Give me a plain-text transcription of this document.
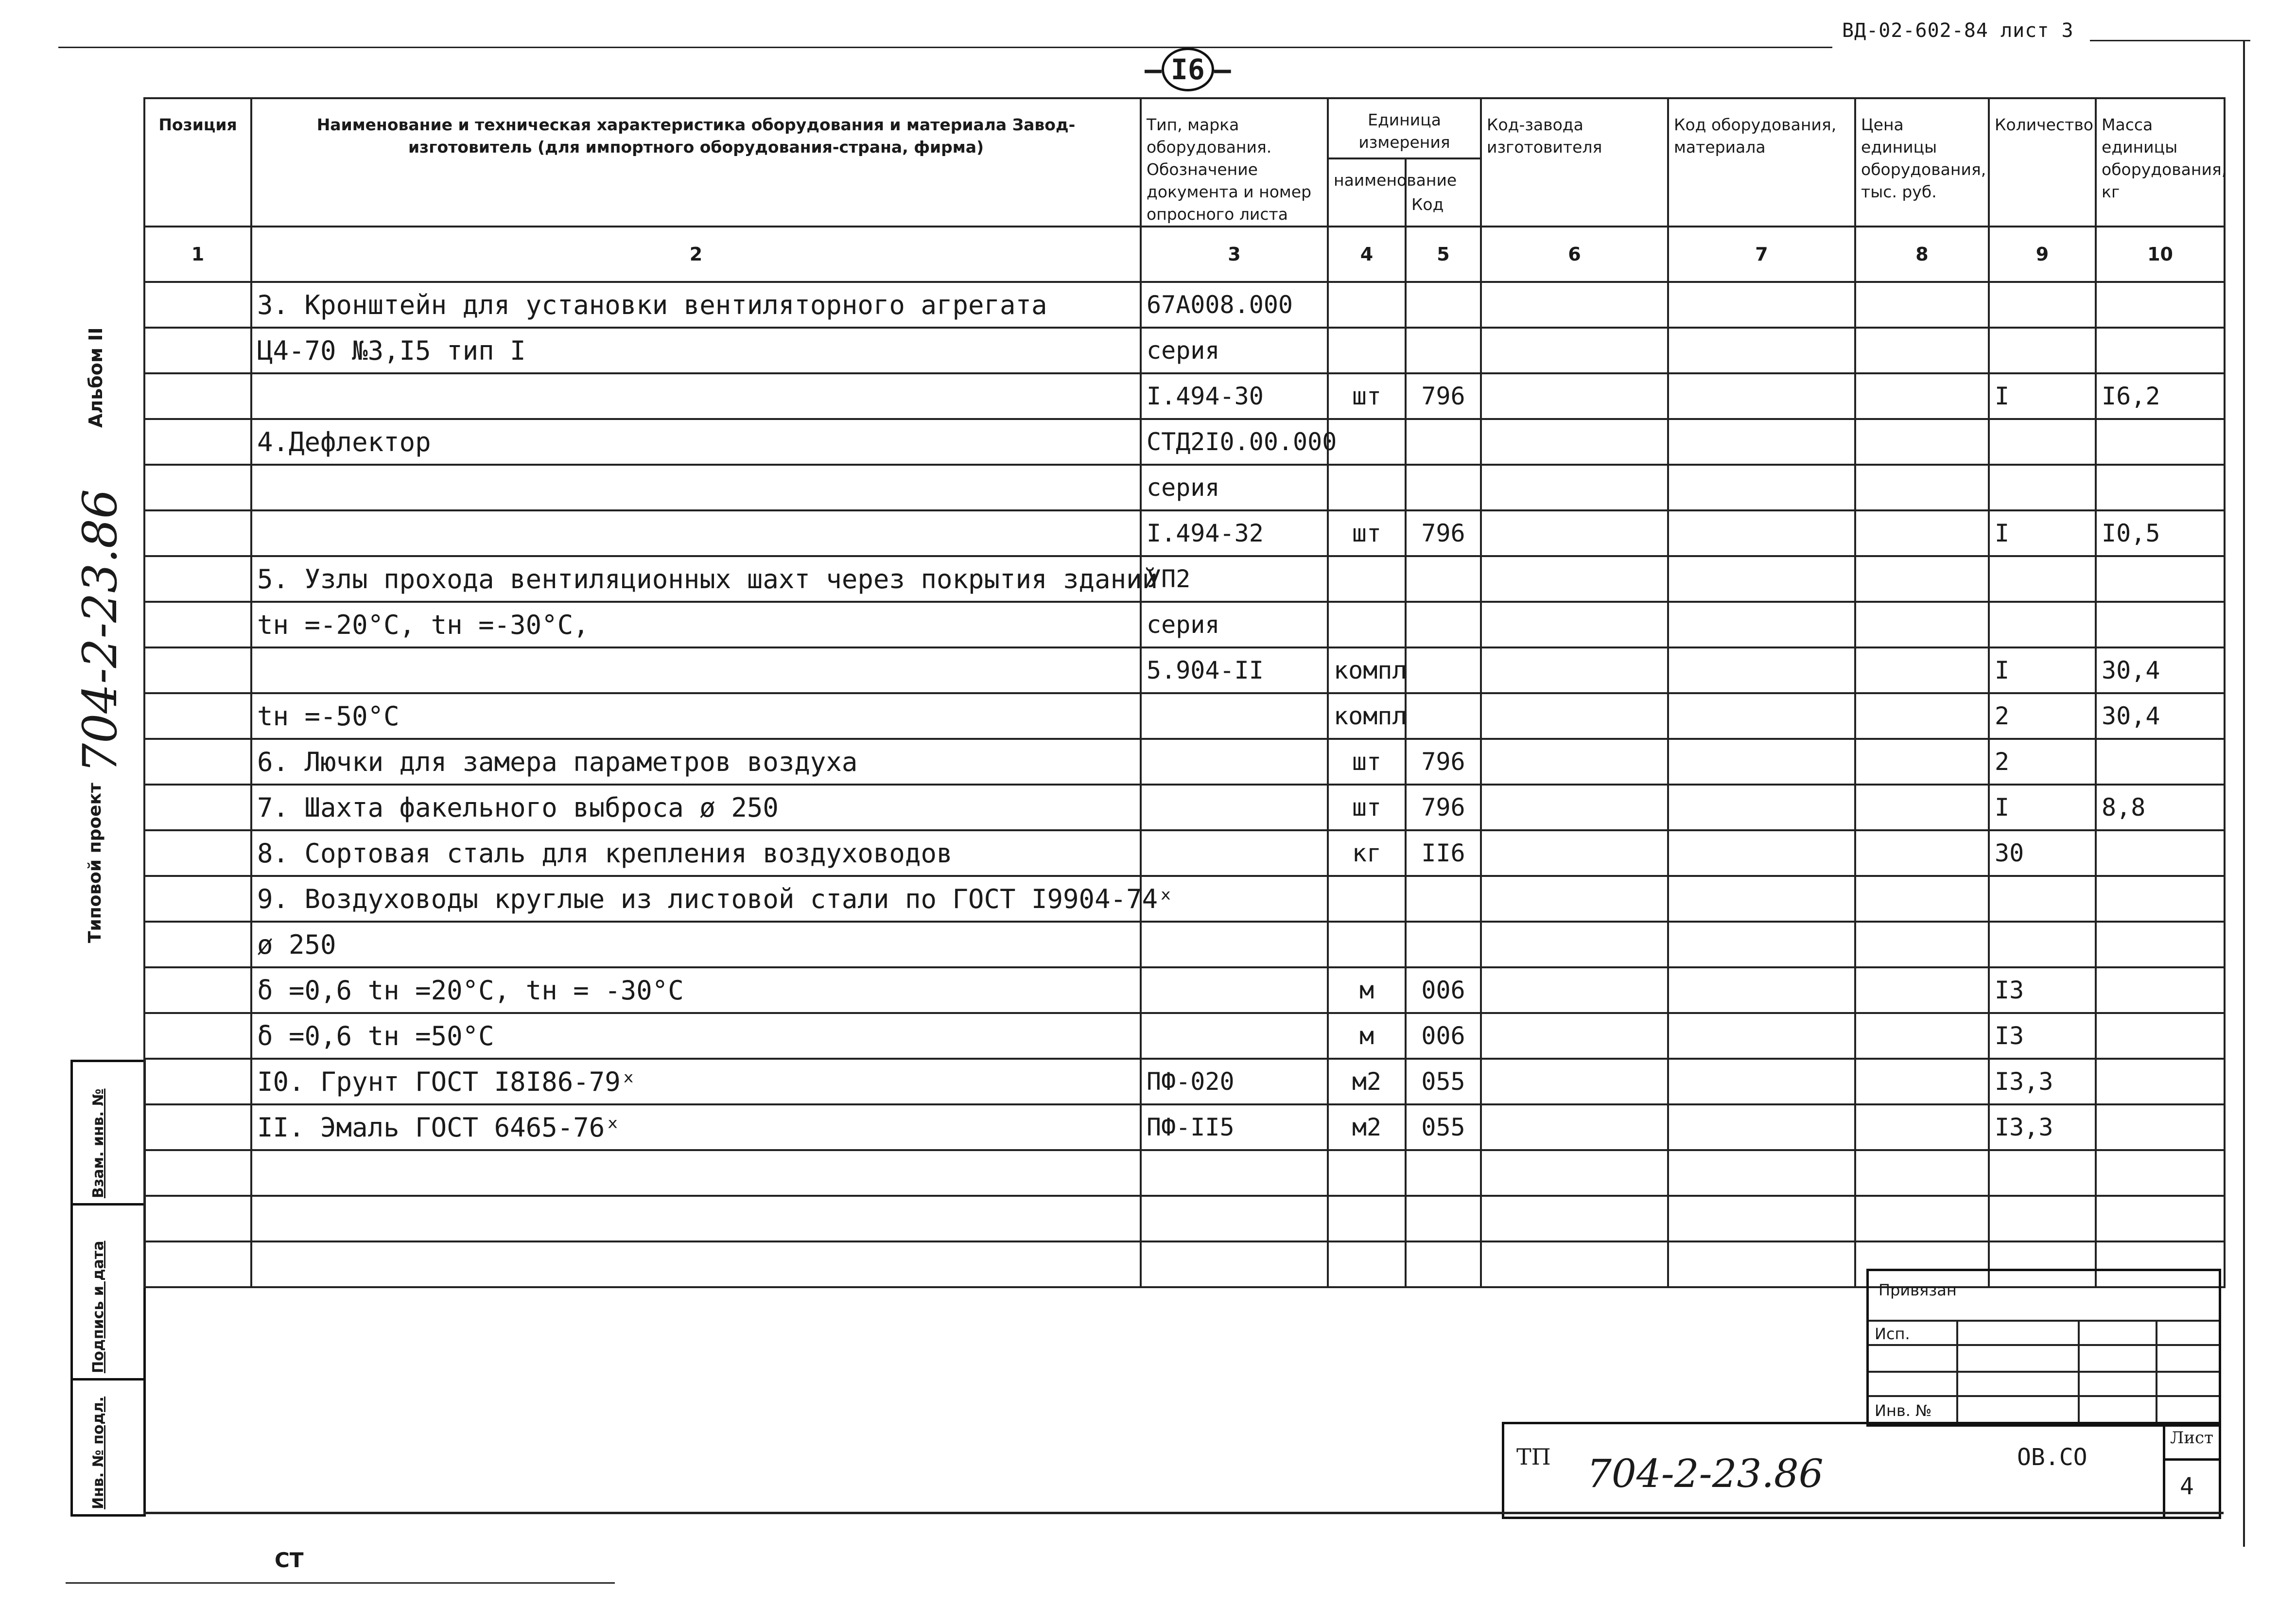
ВД-02-602-84 лист 3
– I6 –
Альбом II
704-2-23.86
Типовой проект
Взам. инв. №
Подпись и дата
Инв. № подл.
Позиция	Наименование и техническая характеристика оборудования и материала Завод-изготовитель (для импортного оборудования-страна, фирма)	Тип, марка оборудования. Обозначение документа и номер опросного листа	Единица измерения		Код-завода изготовителя	Код оборудования, материала	Цена единицы оборудования, тыс. руб.	Количество	Масса единицы оборудования, кг
			наименование	Код					
1	2	3	4	5	6	7	8	9	10
	3. Кронштейн для установки вентиляторного агрегата	67А008.000							
	Ц4-70 №3,I5 тип I	серия							
		I.494-30	шт	796				I	I6,2
	4.Дефлектор	СТД2I0.00.000							
		серия							
		I.494-32	шт	796				I	I0,5
	5. Узлы прохода вентиляционных шахт через покрытия зданий	УП2							
	tн =-20°С, tн =-30°С,	серия							
		5.904-II	компл					I	30,4
	tн =-50°С		компл					2	30,4
	6. Лючки для замера параметров воздуха		шт	796				2	
	7. Шахта факельного выброса ø 250		шт	796				I	8,8
	8. Сортовая сталь для крепления воздуховодов		кг	II6				30	
	9. Воздуховоды круглые из листовой стали по ГОСТ I9904-74ˣ								
	ø 250								
	δ =0,6 tн =20°С, tн = -30°С		м	006				I3	
	δ =0,6 tн =50°С		м	006				I3	
	I0. Грунт ГОСТ I8I86-79ˣ	ПФ-020	м2	055				I3,3	
	II. Эмаль ГОСТ 6465-76ˣ	ПФ-II5	м2	055				I3,3	

Привязан
Исп.
Инв. №
ТП 704-2-23.86	ОВ.СО
Лист
4
СТ
